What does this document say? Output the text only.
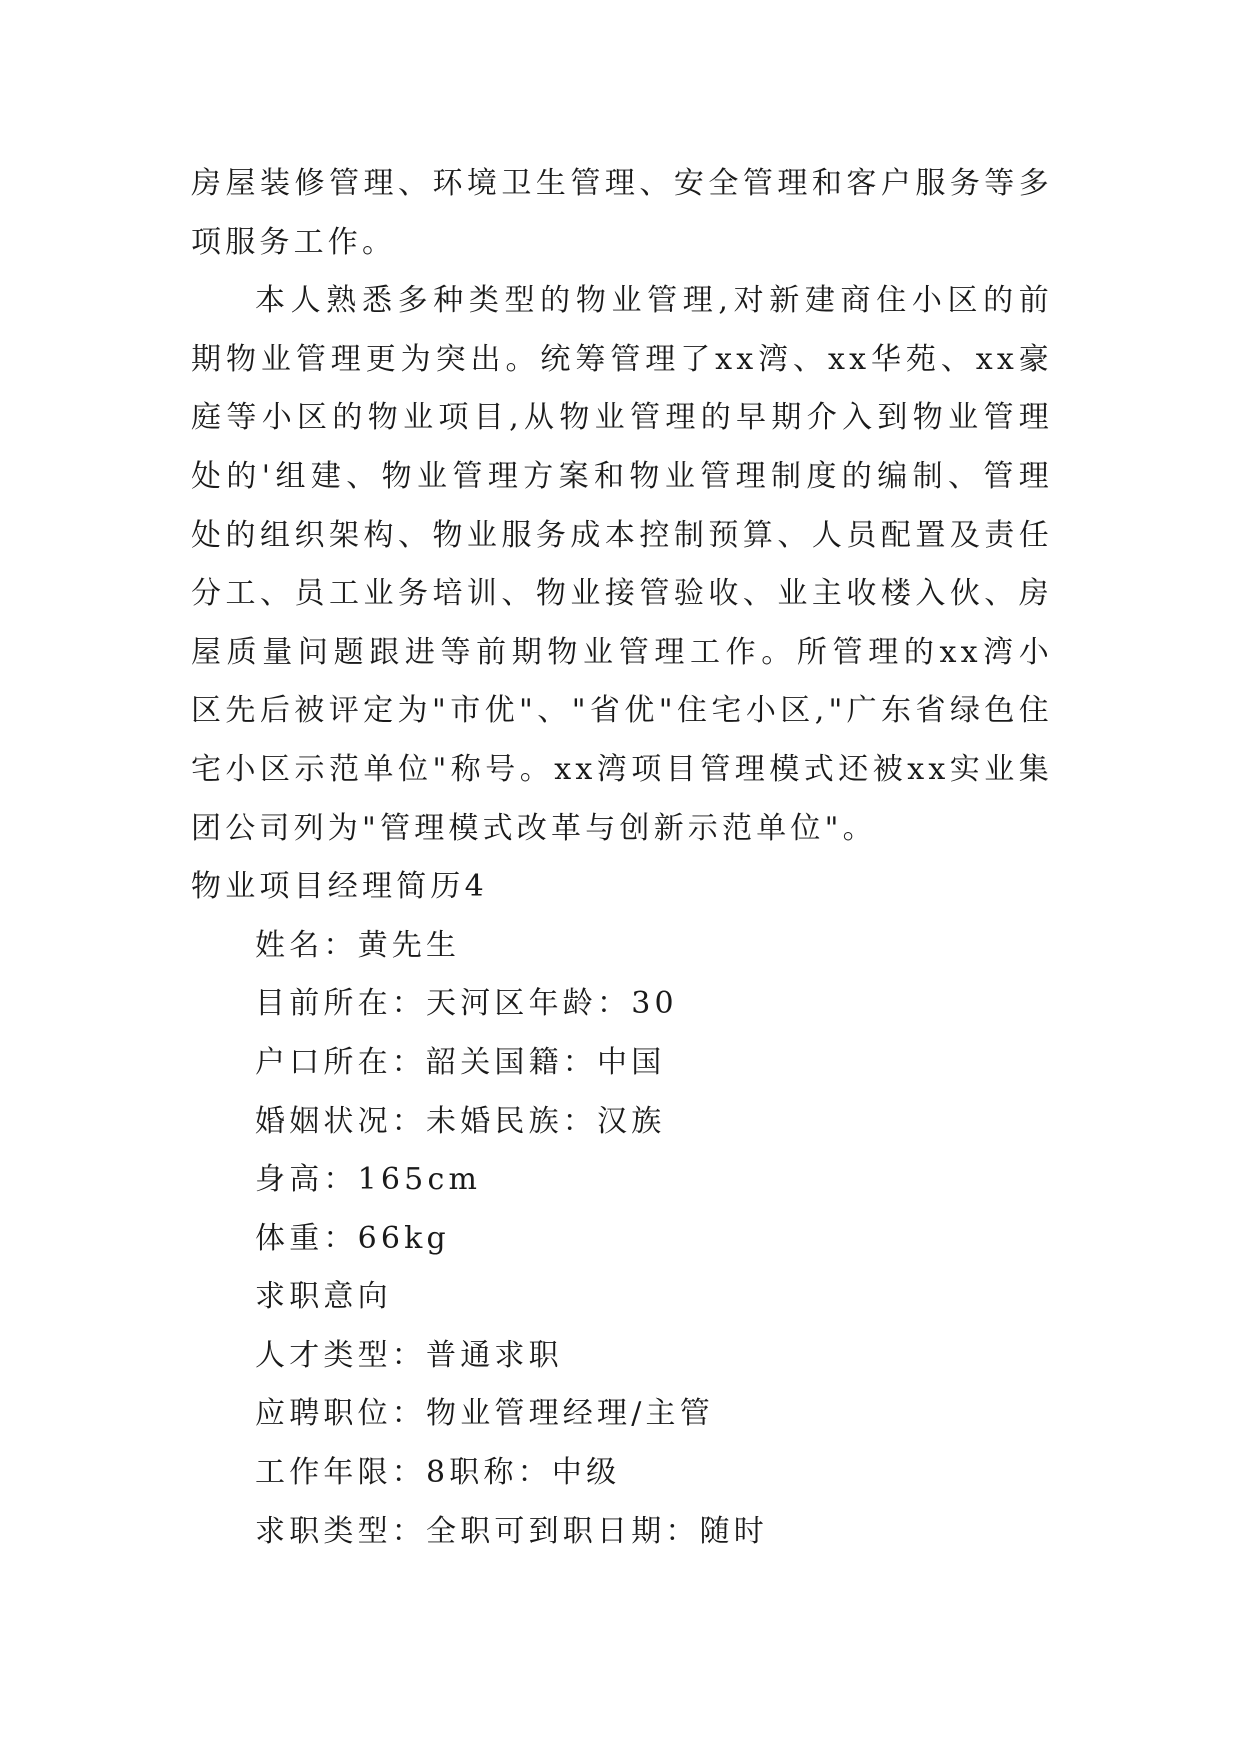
房屋装修管理、环境卫生管理、安全管理和客户服务等多项服务工作。

本人熟悉多种类型的物业管理,对新建商住小区的前期物业管理更为突出。统筹管理了xx湾、xx华苑、xx豪庭等小区的物业项目,从物业管理的早期介入到物业管理处的'组建、物业管理方案和物业管理制度的编制、管理处的组织架构、物业服务成本控制预算、人员配置及责任分工、员工业务培训、物业接管验收、业主收楼入伙、房屋质量问题跟进等前期物业管理工作。所管理的xx湾小区先后被评定为"市优"、"省优"住宅小区,"广东省绿色住宅小区示范单位"称号。xx湾项目管理模式还被xx实业集团公司列为"管理模式改革与创新示范单位"。

物业项目经理简历4

姓名：黄先生

目前所在：天河区年龄：30

户口所在：韶关国籍：中国

婚姻状况：未婚民族：汉族

身高：165cm

体重：66kg

求职意向

人才类型：普通求职

应聘职位：物业管理经理/主管

工作年限：8职称：中级

求职类型：全职可到职日期：随时
